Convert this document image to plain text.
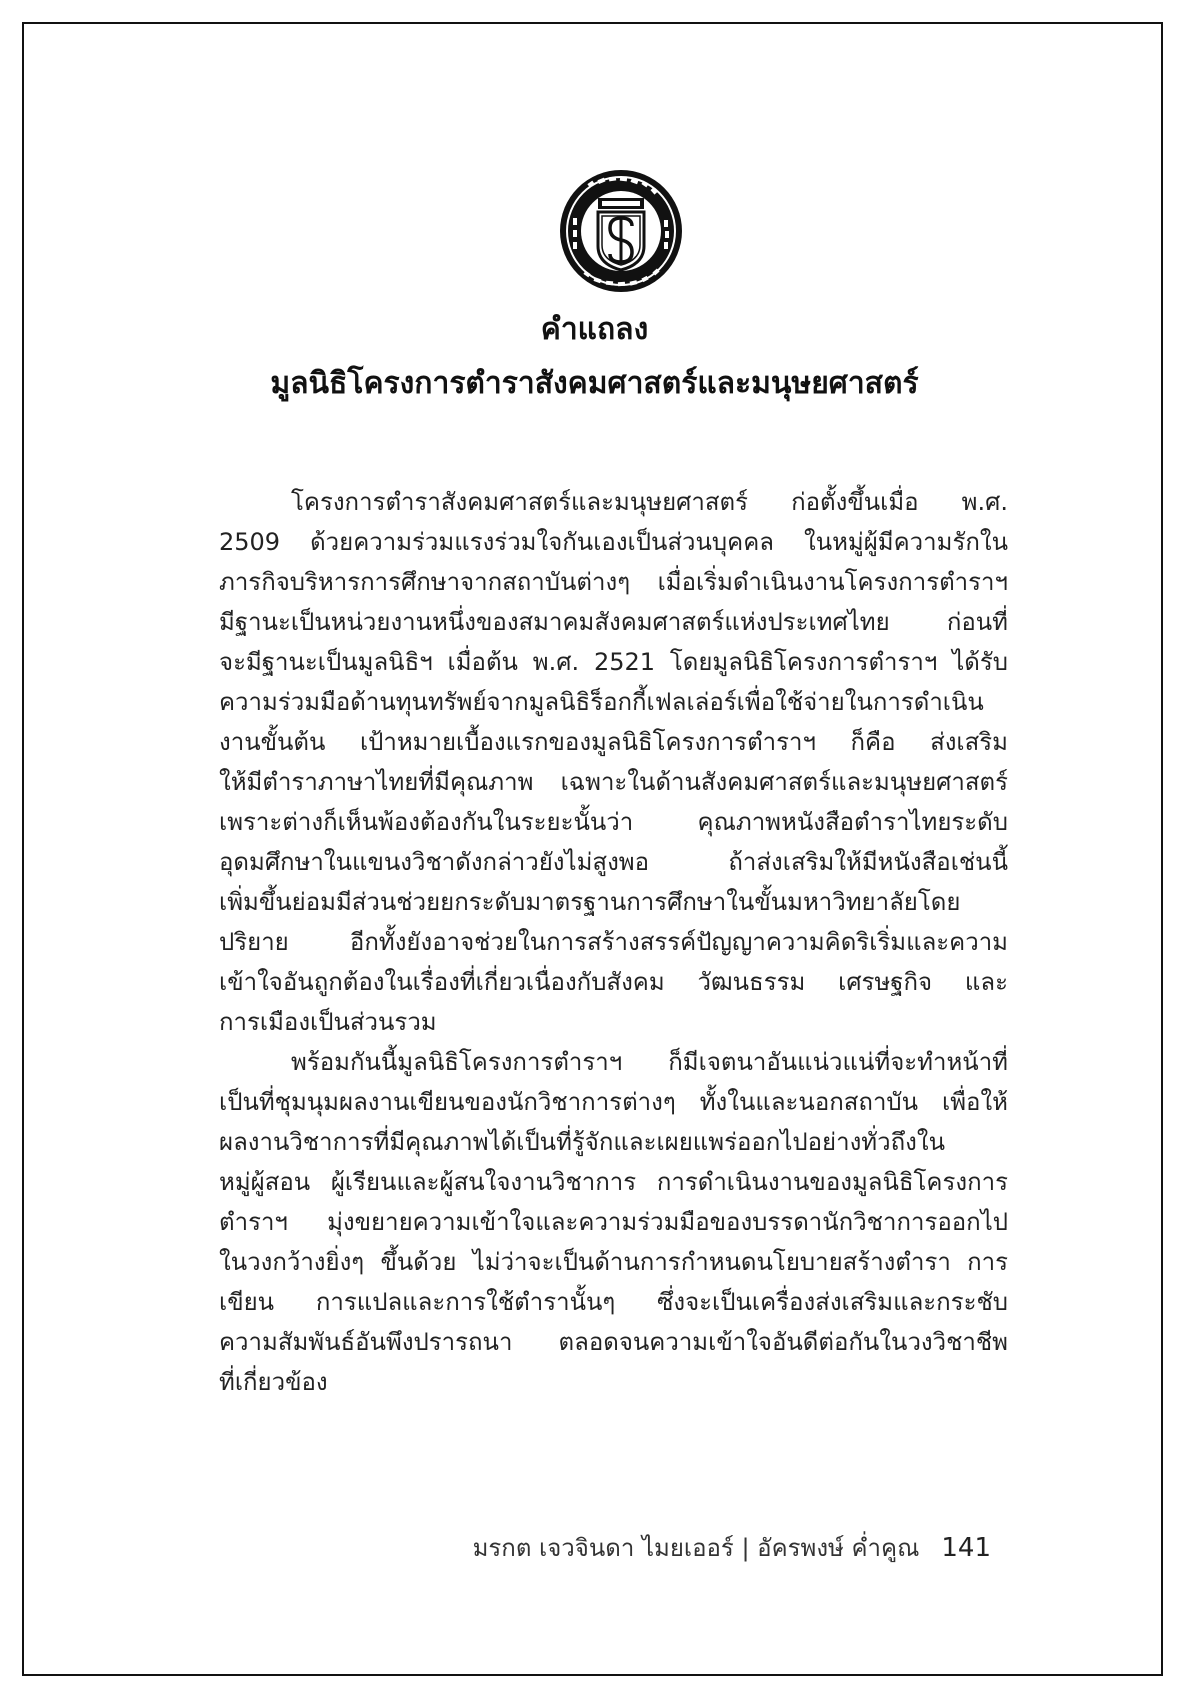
คำแถลง
มูลนิธิโครงการตำราสังคมศาสตร์และมนุษยศาสตร์

โครงการตำราสังคมศาสตร์และมนุษยศาสตร์ ก่อตั้งขึ้นเมื่อ พ.ศ.
2509 ด้วยความร่วมแรงร่วมใจกันเองเป็นส่วนบุคคล ในหมู่ผู้มีความรักใน
ภารกิจบริหารการศึกษาจากสถาบันต่างๆ เมื่อเริ่มดำเนินงานโครงการตำราฯ
มีฐานะเป็นหน่วยงานหนึ่งของสมาคมสังคมศาสตร์แห่งประเทศไทย ก่อนที่
จะมีฐานะเป็นมูลนิธิฯ เมื่อต้น พ.ศ. 2521 โดยมูลนิธิโครงการตำราฯ ได้รับ
ความร่วมมือด้านทุนทรัพย์จากมูลนิธิร็อกกี้เฟลเล่อร์เพื่อใช้จ่ายในการดำเนิน
งานขั้นต้น เป้าหมายเบื้องแรกของมูลนิธิโครงการตำราฯ ก็คือ ส่งเสริม
ให้มีตำราภาษาไทยที่มีคุณภาพ เฉพาะในด้านสังคมศาสตร์และมนุษยศาสตร์
เพราะต่างก็เห็นพ้องต้องกันในระยะนั้นว่า คุณภาพหนังสือตำราไทยระดับ
อุดมศึกษาในแขนงวิชาดังกล่าวยังไม่สูงพอ ถ้าส่งเสริมให้มีหนังสือเช่นนี้
เพิ่มขึ้นย่อมมีส่วนช่วยยกระดับมาตรฐานการศึกษาในขั้นมหาวิทยาลัยโดย
ปริยาย อีกทั้งยังอาจช่วยในการสร้างสรรค์ปัญญาความคิดริเริ่มและความ
เข้าใจอันถูกต้องในเรื่องที่เกี่ยวเนื่องกับสังคม วัฒนธรรม เศรษฐกิจ และ
การเมืองเป็นส่วนรวม

พร้อมกันนี้มูลนิธิโครงการตำราฯ ก็มีเจตนาอันแน่วแน่ที่จะทำหน้าที่
เป็นที่ชุมนุมผลงานเขียนของนักวิชาการต่างๆ ทั้งในและนอกสถาบัน เพื่อให้
ผลงานวิชาการที่มีคุณภาพได้เป็นที่รู้จักและเผยแพร่ออกไปอย่างทั่วถึงใน
หมู่ผู้สอน ผู้เรียนและผู้สนใจงานวิชาการ การดำเนินงานของมูลนิธิโครงการ
ตำราฯ มุ่งขยายความเข้าใจและความร่วมมือของบรรดานักวิชาการออกไป
ในวงกว้างยิ่งๆ ขึ้นด้วย ไม่ว่าจะเป็นด้านการกำหนดนโยบายสร้างตำรา การ
เขียน การแปลและการใช้ตำรานั้นๆ ซึ่งจะเป็นเครื่องส่งเสริมและกระชับ
ความสัมพันธ์อันพึงปรารถนา ตลอดจนความเข้าใจอันดีต่อกันในวงวิชาชีพ
ที่เกี่ยวข้อง

มรกต เจวจินดา ไมยเออร์ | อัครพงษ์ ค่ำคูณ 141
